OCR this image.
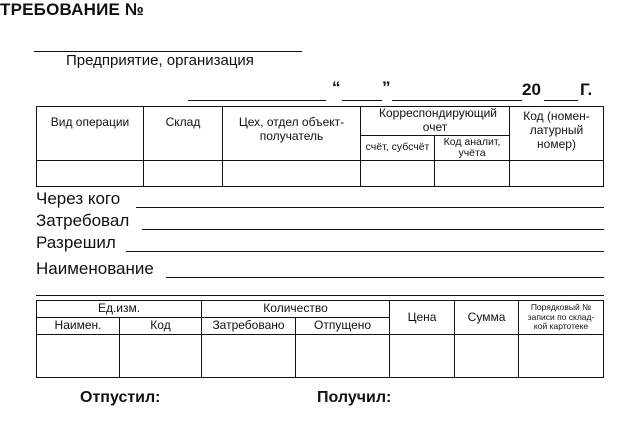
Предприятие, организация
ТРЕБОВАНИЕ №
“ ”	20 Г.
Вид операции	Склад	Цех, отдел объект-получатель	Корреспондирующий очет		Код (номен-латурный номер)
			счёт, субсчёт	Код аналит, учёта	

Через кого
Затребовал
Разрешил
Наименование
Ед.изм.		Количество		Цена	Сумма	Порядковый № записи по склад-кой картотеке
Наимен.	Код	Затребовано	Отпущено			

Отпустил:	Получил:
